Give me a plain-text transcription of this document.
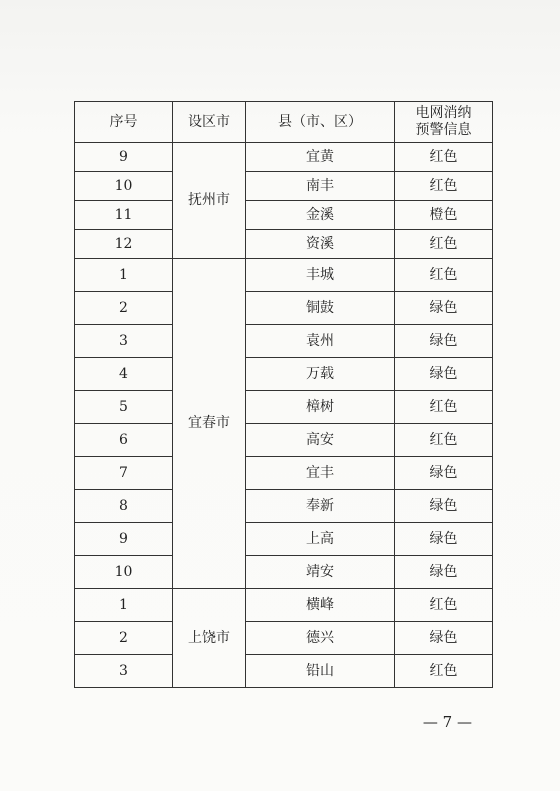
序号	设区市	县（市、区）	电网消纳
预警信息
9	抚州市	宜黄	红色
10		南丰	红色
11		金溪	橙色
12		资溪	红色
1	宜春市	丰城	红色
2		铜鼓	绿色
3		袁州	绿色
4		万载	绿色
5		樟树	红色
6		高安	红色
7		宜丰	绿色
8		奉新	绿色
9		上高	绿色
10		靖安	绿色
1	上饶市	横峰	红色
2		德兴	绿色
3		铅山	红色
— 7 —
